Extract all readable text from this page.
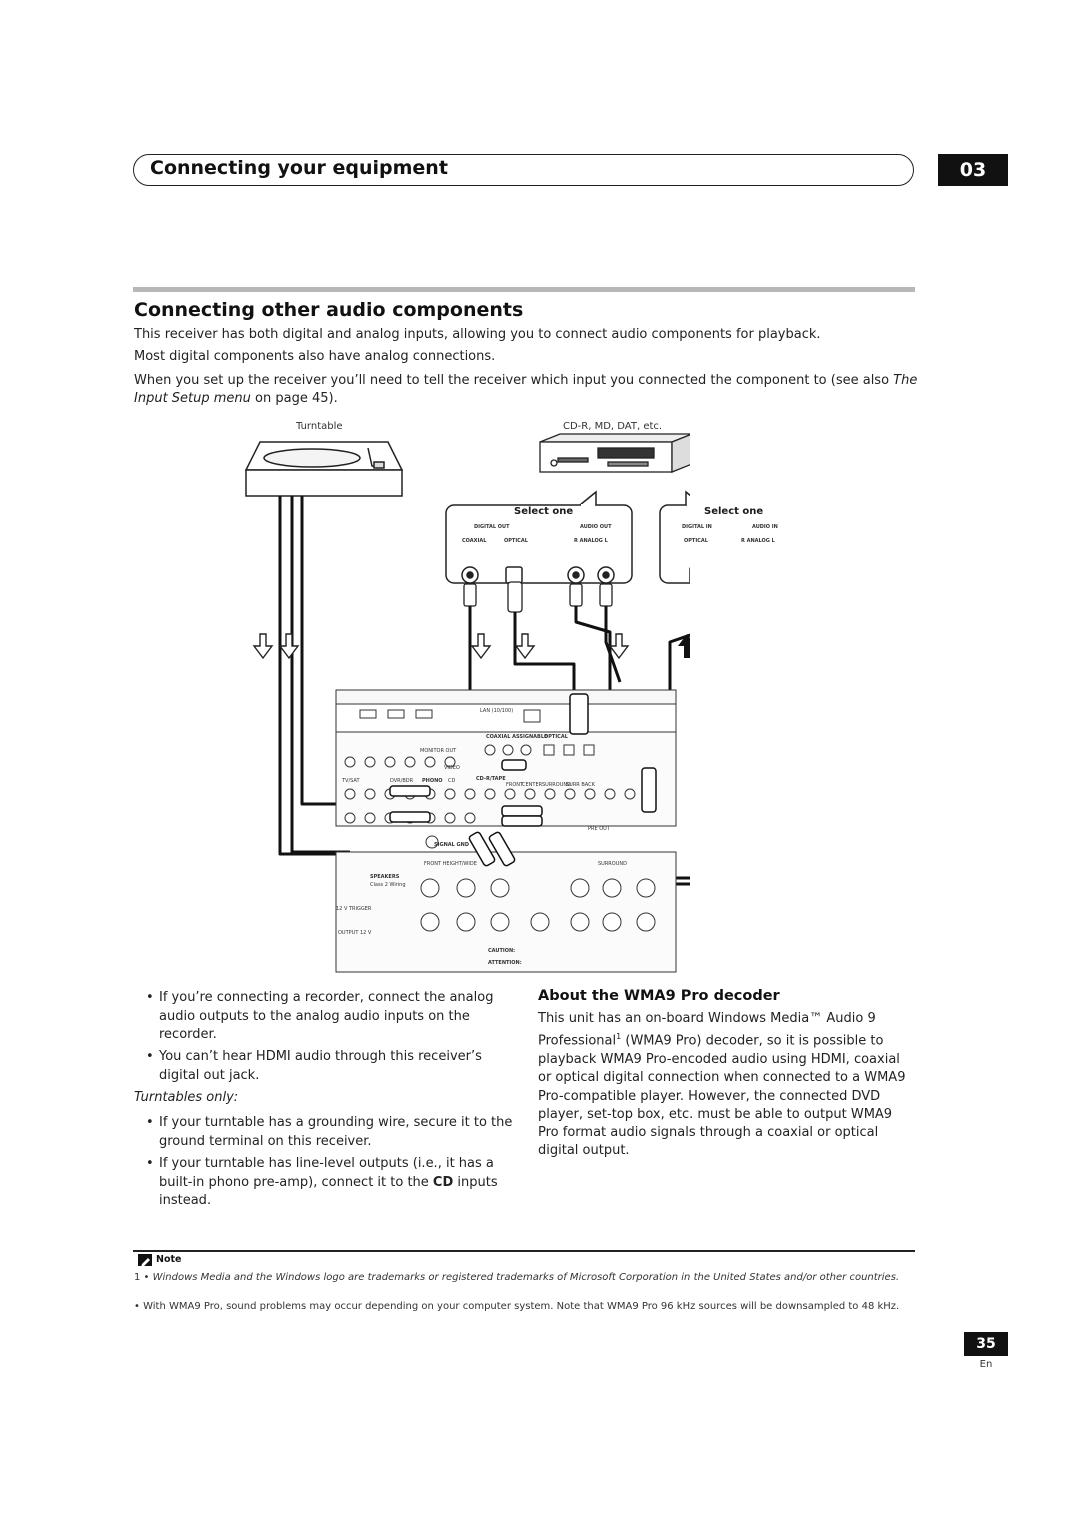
Connecting your equipment	03
Connecting other audio components
This receiver has both digital and analog inputs, allowing you to connect audio components for playback.
Most digital components also have analog connections.
When you set up the receiver you’ll need to tell the receiver which input you connected the component to (see also The Input Setup menu on page 45).
Turntable	CD-R, MD, DAT, etc.
Select one
DIGITAL OUT	AUDIO OUT
COAXIAL	OPTICAL	R ANALOG L
Select one
DIGITAL IN	AUDIO IN
OPTICAL	R ANALOG L
LAN (10/100)
COAXIAL ASSIGNABLE
OPTICAL
MONITOR OUT
VIDEO
CD-R/TAPE
TV/SAT	DVR/BDR PHONO CD
FRONT
CENTER SURROUND
SURR BACK
PRE OUT
SIGNAL GND
FRONT HEIGHT/WIDE	SURROUND
SPEAKERS
Class 2 Wiring
12 V TRIGGER
OUTPUT 12 V
CAUTION:
ATTENTION:
• If you’re connecting a recorder, connect the analog audio outputs to the analog audio inputs on the recorder.
• You can’t hear HDMI audio through this receiver’s digital out jack.
Turntables only:
• If your turntable has a grounding wire, secure it to the ground terminal on this receiver.
• If your turntable has line-level outputs (i.e., it has a built-in phono pre-amp), connect it to the CD inputs instead.
About the WMA9 Pro decoder
This unit has an on-board Windows Media™ Audio 9 Professional$^1$ (WMA9 Pro) decoder, so it is possible to playback WMA9 Pro-encoded audio using HDMI, coaxial or optical digital connection when connected to a WMA9 Pro-compatible player. However, the connected DVD player, set-top box, etc. must be able to output WMA9 Pro format audio signals through a coaxial or optical digital output.
Note
1 • Windows Media and the Windows logo are trademarks or registered trademarks of Microsoft Corporation in the United States and/or other countries.
• With WMA9 Pro, sound problems may occur depending on your computer system. Note that WMA9 Pro 96 kHz sources will be downsampled to 48 kHz.
35
En
